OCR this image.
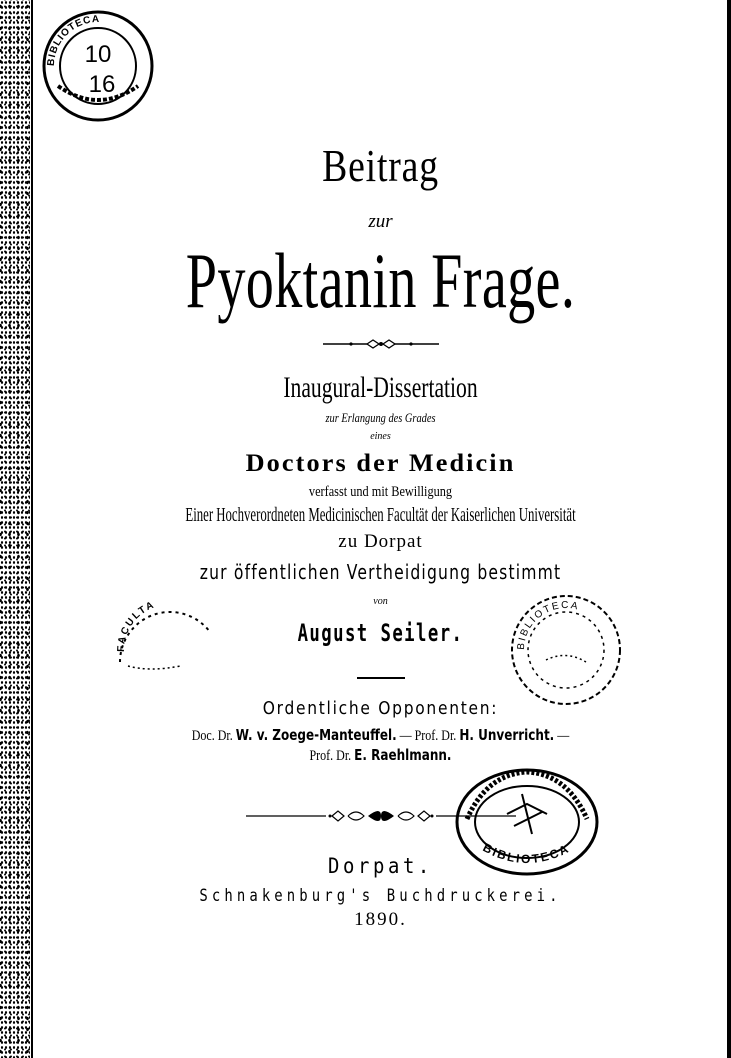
BIBLIOTECA
10
16
Beitrag
zur
Pyoktanin Frage.
Inaugural-Dissertation
zur Erlangung des Grades
eines
Doctors der Medicin
verfasst und mit Bewilligung
Einer Hochverordneten Medicinischen Facultät der Kaiserlichen Universität
zu Dorpat
zur öffentlichen Vertheidigung bestimmt
von
FACULTA
August Seiler.	BIBLIOTECA
Ordentliche Opponenten:
Doc. Dr. W. v. Zoege-Manteuffel. — Prof. Dr. H. Unverricht. —
Prof. Dr. E. Raehlmann.
BIBLIOTECA
Dorpat.
Schnakenburg's Buchdruckerei.
1890.
